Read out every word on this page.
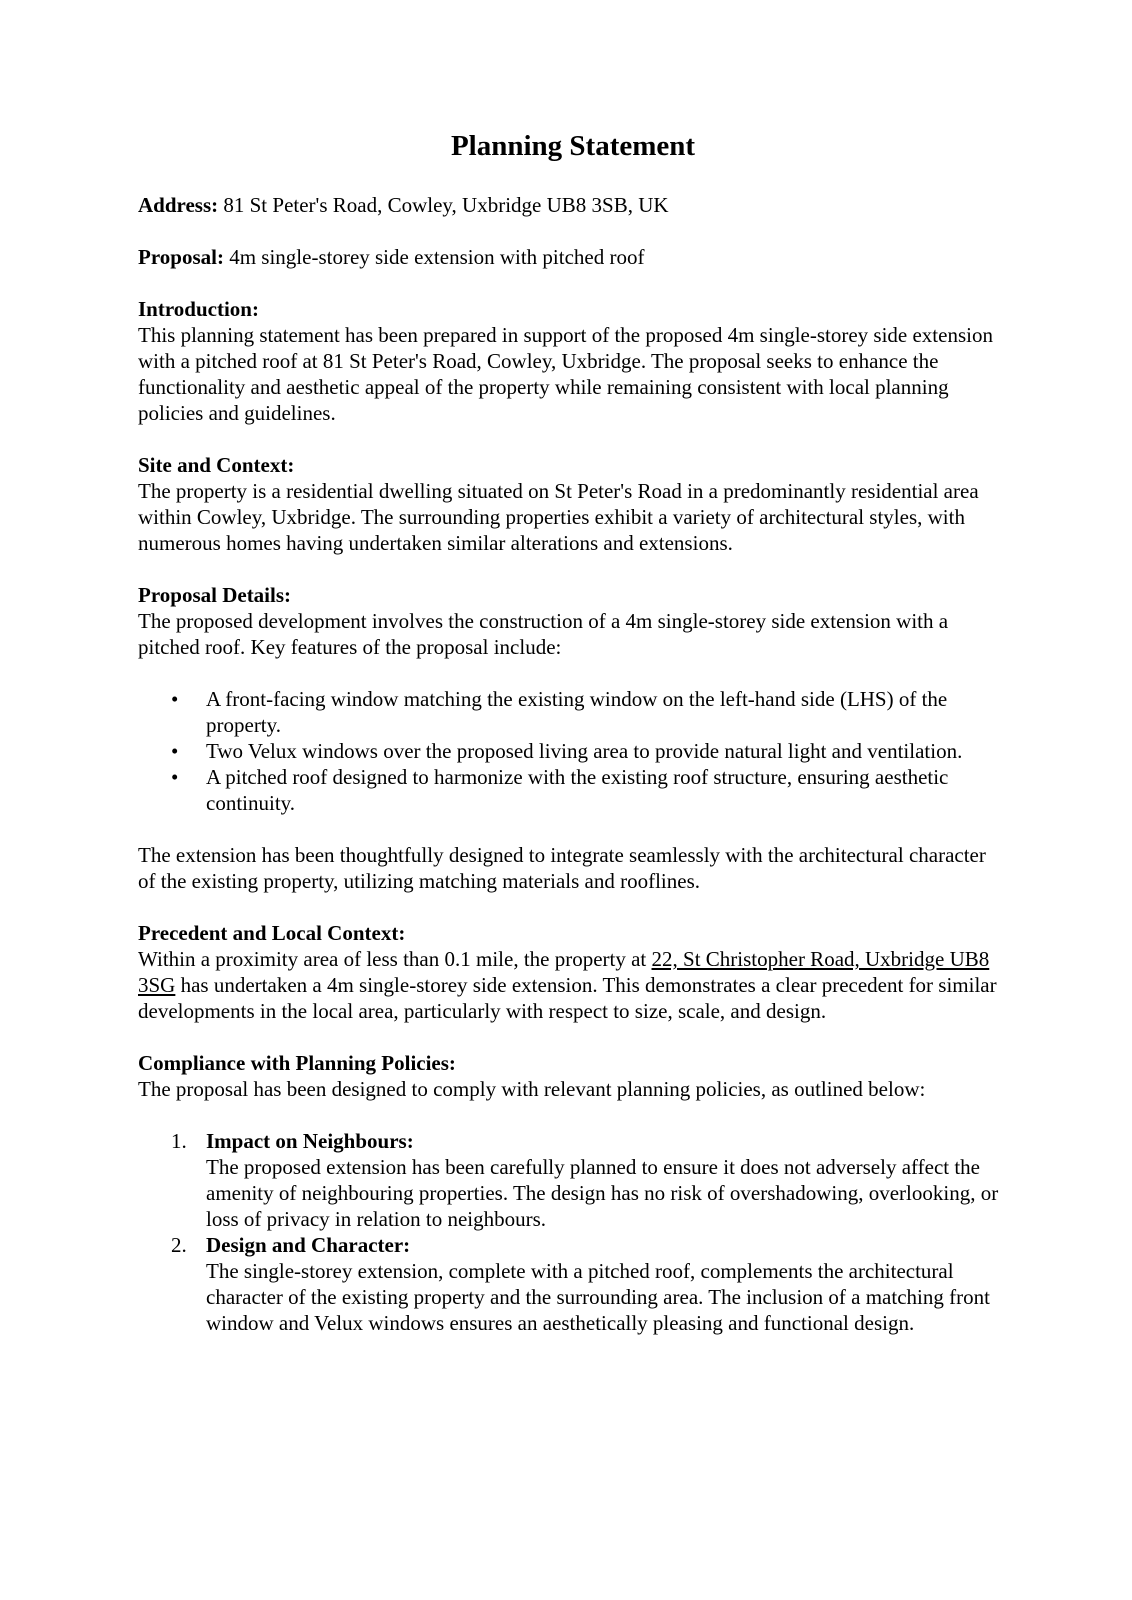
Planning Statement
Address: 81 St Peter's Road, Cowley, Uxbridge UB8 3SB, UK
Proposal: 4m single-storey side extension with pitched roof
Introduction:

This planning statement has been prepared in support of the proposed 4m single-storey side extension with a pitched roof at 81 St Peter's Road, Cowley, Uxbridge. The proposal seeks to enhance the functionality and aesthetic appeal of the property while remaining consistent with local planning policies and guidelines.

Site and Context:

The property is a residential dwelling situated on St Peter's Road in a predominantly residential area within Cowley, Uxbridge. The surrounding properties exhibit a variety of architectural styles, with numerous homes having undertaken similar alterations and extensions.

Proposal Details:

The proposed development involves the construction of a 4m single-storey side extension with a pitched roof. Key features of the proposal include:

• A front-facing window matching the existing window on the left-hand side (LHS) of the property.
• Two Velux windows over the proposed living area to provide natural light and ventilation.
• A pitched roof designed to harmonize with the existing roof structure, ensuring aesthetic continuity.

The extension has been thoughtfully designed to integrate seamlessly with the architectural character of the existing property, utilizing matching materials and rooflines.

Precedent and Local Context:

Within a proximity area of less than 0.1 mile, the property at 22, St Christopher Road, Uxbridge UB8 3SG has undertaken a 4m single-storey side extension. This demonstrates a clear precedent for similar developments in the local area, particularly with respect to size, scale, and design.

Compliance with Planning Policies:

The proposal has been designed to comply with relevant planning policies, as outlined below:

1. Impact on Neighbours:
The proposed extension has been carefully planned to ensure it does not adversely affect the amenity of neighbouring properties. The design has no risk of overshadowing, overlooking, or loss of privacy in relation to neighbours.
2. Design and Character:
The single-storey extension, complete with a pitched roof, complements the architectural character of the existing property and the surrounding area. The inclusion of a matching front window and Velux windows ensures an aesthetically pleasing and functional design.
